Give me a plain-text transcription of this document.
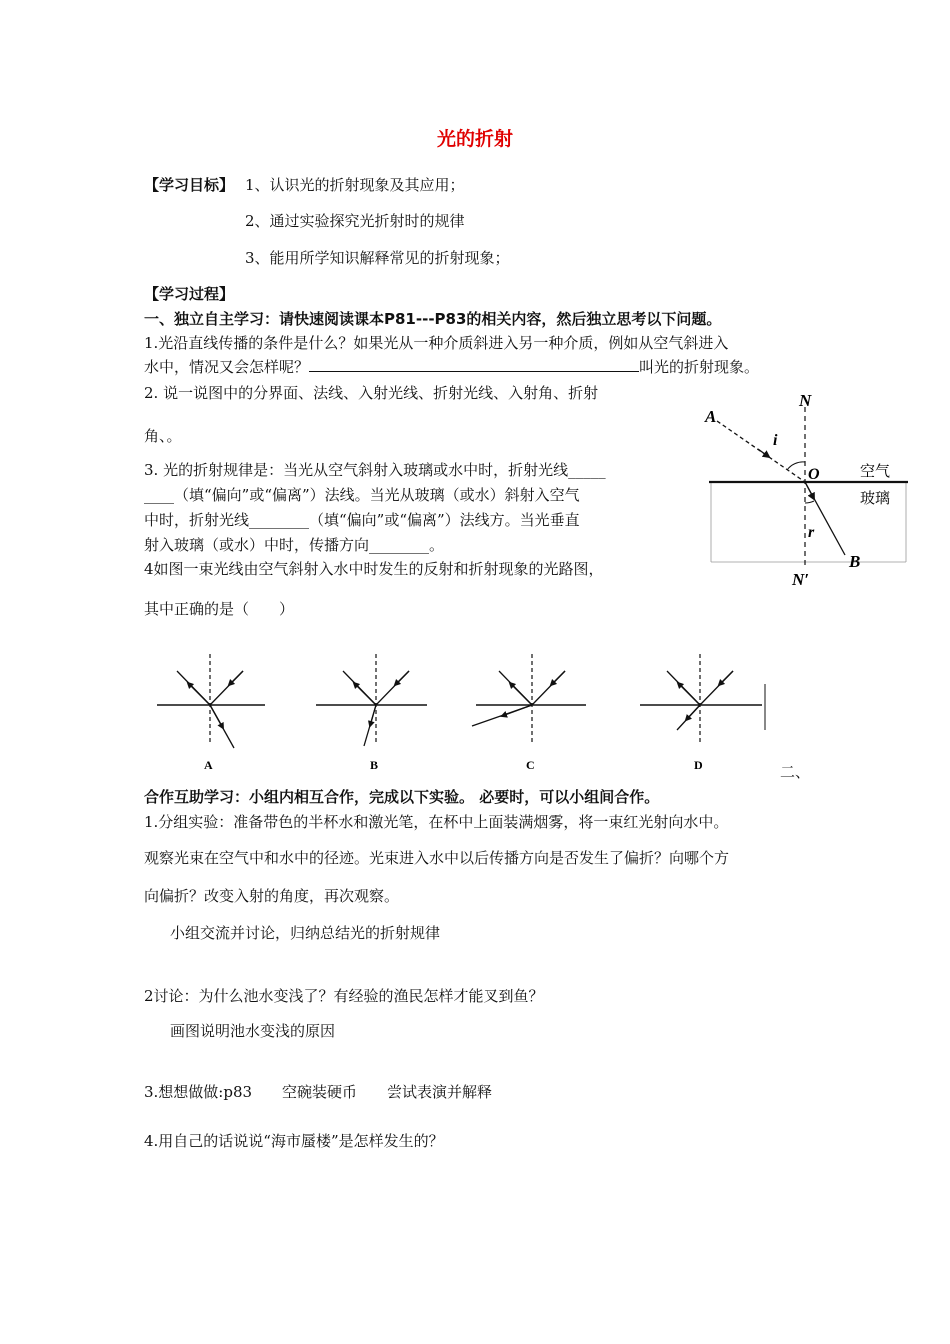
光的折射
【学习目标】 1、认识光的折射现象及其应用；
2、通过实验探究光折射时的规律
3、能用所学知识解释常见的折射现象；
【学习过程】
一、独立自主学习：请快速阅读课本P81---P83的相关内容，然后独立思考以下问题。
1.光沿直线传播的条件是什么？如果光从一种介质斜进入另一种介质，例如从空气斜进入
水中，情况又会怎样呢？	叫光的折射现象。
2. 说一说图中的分界面、法线、入射光线、折射光线、入射角、折射
角、。
3. 光的折射规律是：当光从空气斜射入玻璃或水中时，折射光线_____
____（填“偏向”或“偏离”）法线。当光从玻璃（或水）斜射入空气
中时，折射光线________（填“偏向”或“偏离”）法线方。当光垂直
射入玻璃（或水）中时，传播方向________。
4如图一束光线由空气斜射入水中时发生的反射和折射现象的光路图，
其中正确的是（　　）
A
N
i
O	空气
玻璃
r
B
N′
A	B	C	D	二、
合作互助学习：小组内相互合作，完成以下实验。 必要时，可以小组间合作。
1.分组实验：准备带色的半杯水和激光笔，在杯中上面装满烟雾，将一束红光射向水中。
观察光束在空气中和水中的径迹。光束进入水中以后传播方向是否发生了偏折？向哪个方
向偏折？改变入射的角度，再次观察。
小组交流并讨论，归纳总结光的折射规律
2讨论：为什么池水变浅了？有经验的渔民怎样才能叉到鱼？
画图说明池水变浅的原因
3.想想做做:p83　　空碗装硬币　　尝试表演并解释
4.用自己的话说说“海市蜃楼”是怎样发生的？
